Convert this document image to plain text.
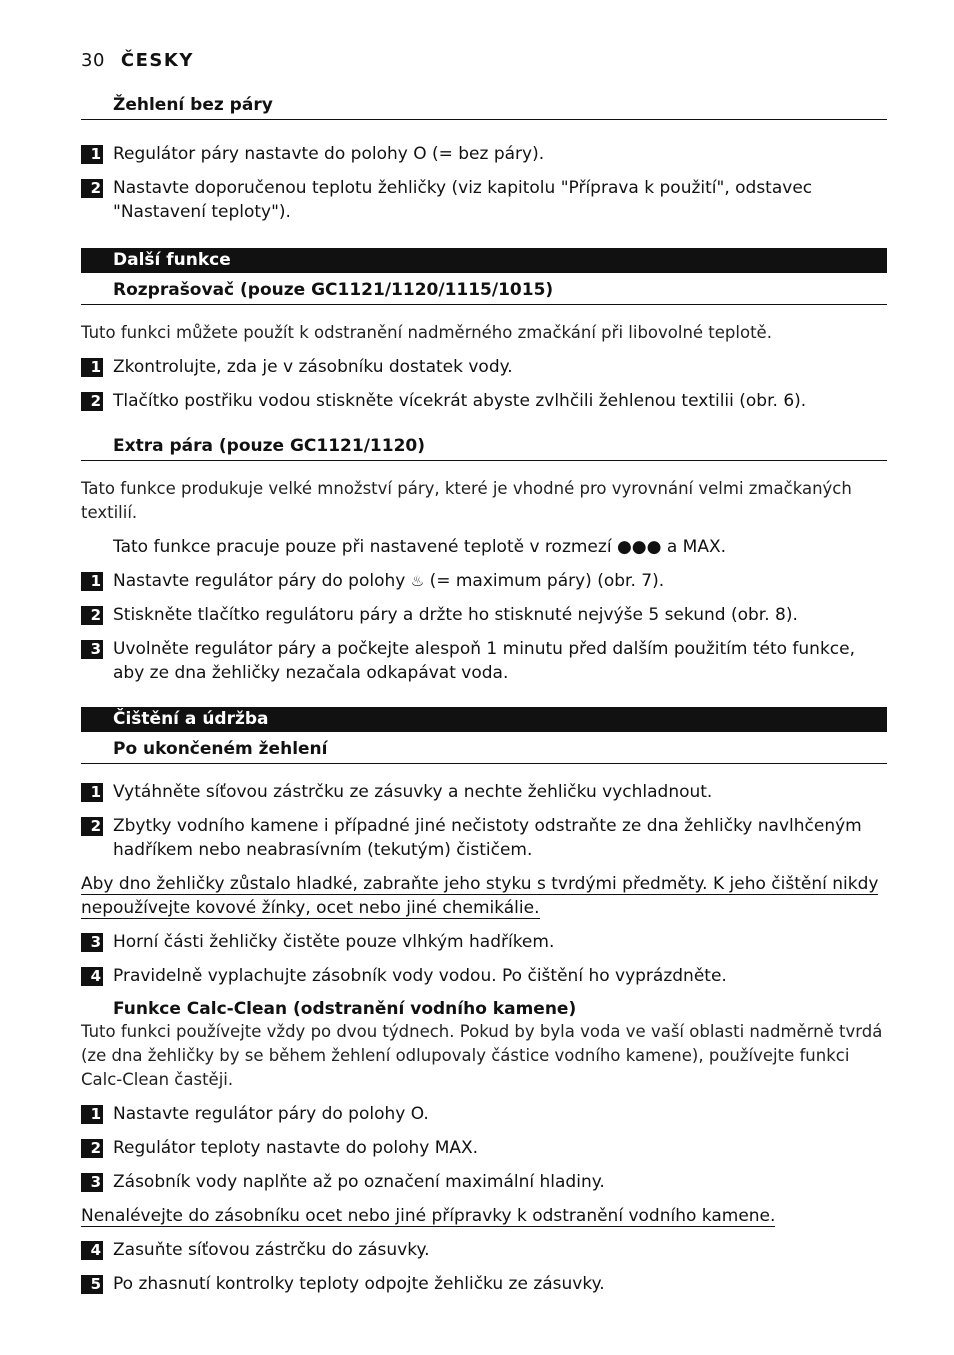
30 ČESKY
Žehlení bez páry
1 Regulátor páry nastavte do polohy O (= bez páry).
2 Nastavte doporučenou teplotu žehličky (viz kapitolu "Příprava k použití", odstavec "Nastavení teploty").
Další funkce
Rozprašovač (pouze GC1121/1120/1115/1015)
Tuto funkci můžete použít k odstranění nadměrného zmačkání při libovolné teplotě.
1 Zkontrolujte, zda je v zásobníku dostatek vody.
2 Tlačítko postřiku vodou stiskněte vícekrát abyste zvlhčili žehlenou textilii (obr. 6).
Extra pára (pouze GC1121/1120)
Tato funkce produkuje velké množství páry, které je vhodné pro vyrovnání velmi zmačkaných textilií.
Tato funkce pracuje pouze při nastavené teplotě v rozmezí ●●● a MAX.
1 Nastavte regulátor páry do polohy ♨ (= maximum páry) (obr. 7).
2 Stiskněte tlačítko regulátoru páry a držte ho stisknuté nejvýše 5 sekund (obr. 8).
3 Uvolněte regulátor páry a počkejte alespoň 1 minutu před dalším použitím této funkce, aby ze dna žehličky nezačala odkapávat voda.
Čištění a údržba
Po ukončeném žehlení
1 Vytáhněte síťovou zástrčku ze zásuvky a nechte žehličku vychladnout.
2 Zbytky vodního kamene i případné jiné nečistoty odstraňte ze dna žehličky navlhčeným hadříkem nebo neabrasívním (tekutým) čističem.
Aby dno žehličky zůstalo hladké, zabraňte jeho styku s tvrdými předměty. K jeho čištění nikdy nepoužívejte kovové žínky, ocet nebo jiné chemikálie.
3 Horní části žehličky čistěte pouze vlhkým hadříkem.
4 Pravidelně vyplachujte zásobník vody vodou. Po čištění ho vyprázdněte.
Funkce Calc-Clean (odstranění vodního kamene)
Tuto funkci používejte vždy po dvou týdnech. Pokud by byla voda ve vaší oblasti nadměrně tvrdá (ze dna žehličky by se během žehlení odlupovaly částice vodního kamene), používejte funkci Calc-Clean častěji.
1 Nastavte regulátor páry do polohy O.
2 Regulátor teploty nastavte do polohy MAX.
3 Zásobník vody naplňte až po označení maximální hladiny.
Nenalévejte do zásobníku ocet nebo jiné přípravky k odstranění vodního kamene.
4 Zasuňte síťovou zástrčku do zásuvky.
5 Po zhasnutí kontrolky teploty odpojte žehličku ze zásuvky.
